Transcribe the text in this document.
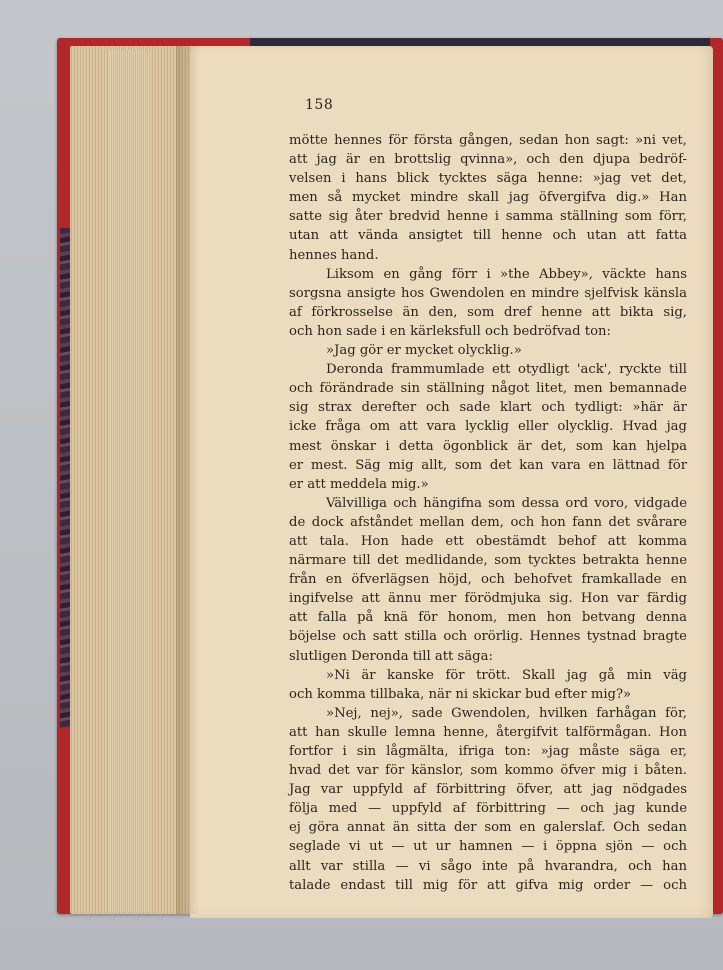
158
mötte hennes för första gången, sedan hon sagt: »ni vet,
att jag är en brottslig qvinna», och den djupa bedröf-
velsen i hans blick tycktes säga henne: »jag vet det,
men så mycket mindre skall jag öfvergifva dig.» Han
satte sig åter bredvid henne i samma ställning som förr,
utan att vända ansigtet till henne och utan att fatta
hennes hand.
Liksom en gång förr i »the Abbey», väckte hans
sorgsna ansigte hos Gwendolen en mindre sjelfvisk känsla
af förkrosselse än den, som dref henne att bikta sig,
och hon sade i en kärleksfull och bedröfvad ton:
»Jag gör er mycket olycklig.»
Deronda frammumlade ett otydligt 'ack', ryckte till
och förändrade sin ställning något litet, men bemannade
sig strax derefter och sade klart och tydligt: »här är
icke fråga om att vara lycklig eller olycklig. Hvad jag
mest önskar i detta ögonblick är det, som kan hjelpa
er mest. Säg mig allt, som det kan vara en lättnad för
er att meddela mig.»
Välvilliga och hängifna som dessa ord voro, vidgade
de dock afståndet mellan dem, och hon fann det svårare
att tala. Hon hade ett obestämdt behof att komma
närmare till det medlidande, som tycktes betrakta henne
från en öfverlägsen höjd, och behofvet framkallade en
ingifvelse att ännu mer förödmjuka sig. Hon var färdig
att falla på knä för honom, men hon betvang denna
böjelse och satt stilla och orörlig. Hennes tystnad bragte
slutligen Deronda till att säga:
»Ni är kanske för trött. Skall jag gå min väg
och komma tillbaka, när ni skickar bud efter mig?»
»Nej, nej», sade Gwendolen, hvilken farhågan för,
att han skulle lemna henne, återgifvit talförmågan. Hon
fortfor i sin lågmälta, ifriga ton: »jag måste säga er,
hvad det var för känslor, som kommo öfver mig i båten.
Jag var uppfyld af förbittring öfver, att jag nödgades
följa med — uppfyld af förbittring — och jag kunde
ej göra annat än sitta der som en galerslaf. Och sedan
seglade vi ut — ut ur hamnen — i öppna sjön — och
allt var stilla — vi sågo inte på hvarandra, och han
talade endast till mig för att gifva mig order — och
